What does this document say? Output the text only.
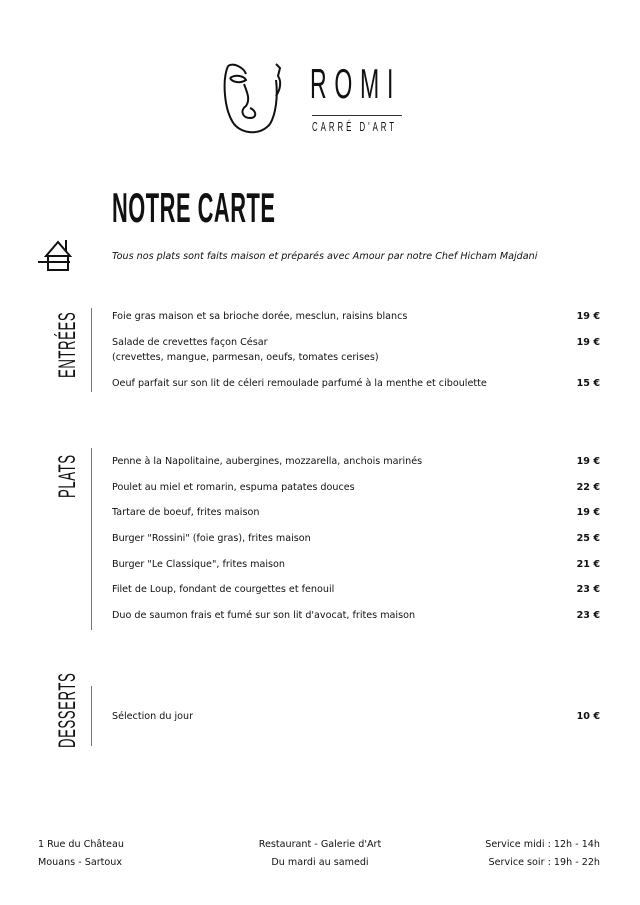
ROMI
CARRÉ D'ART
NOTRE CARTE
Tous nos plats sont faits maison et préparés avec Amour par notre Chef Hicham Majdani
ENTRÉES	Foie gras maison et sa brioche dorée, mesclun, raisins blancs	19 €
Salade de crevettes façon César	19 €
(crevettes, mangue, parmesan, oeufs, tomates cerises)
Oeuf parfait sur son lit de céleri remoulade parfumé à la menthe et ciboulette	15 €
PLATS	Penne à la Napolitaine, aubergines, mozzarella, anchois marinés	19 €
Poulet au miel et romarin, espuma patates douces	22 €
Tartare de boeuf, frites maison	19 €
Burger "Rossini" (foie gras), frites maison	25 €
Burger "Le Classique", frites maison	21 €
Filet de Loup, fondant de courgettes et fenouil	23 €
Duo de saumon frais et fumé sur son lit d'avocat, frites maison	23 €
DESSERTS	Sélection du jour	10 €
1 Rue du Château
Mouans - Sartoux
Restaurant - Galerie d'Art
Du mardi au samedi
Service midi : 12h - 14h
Service soir : 19h - 22h
